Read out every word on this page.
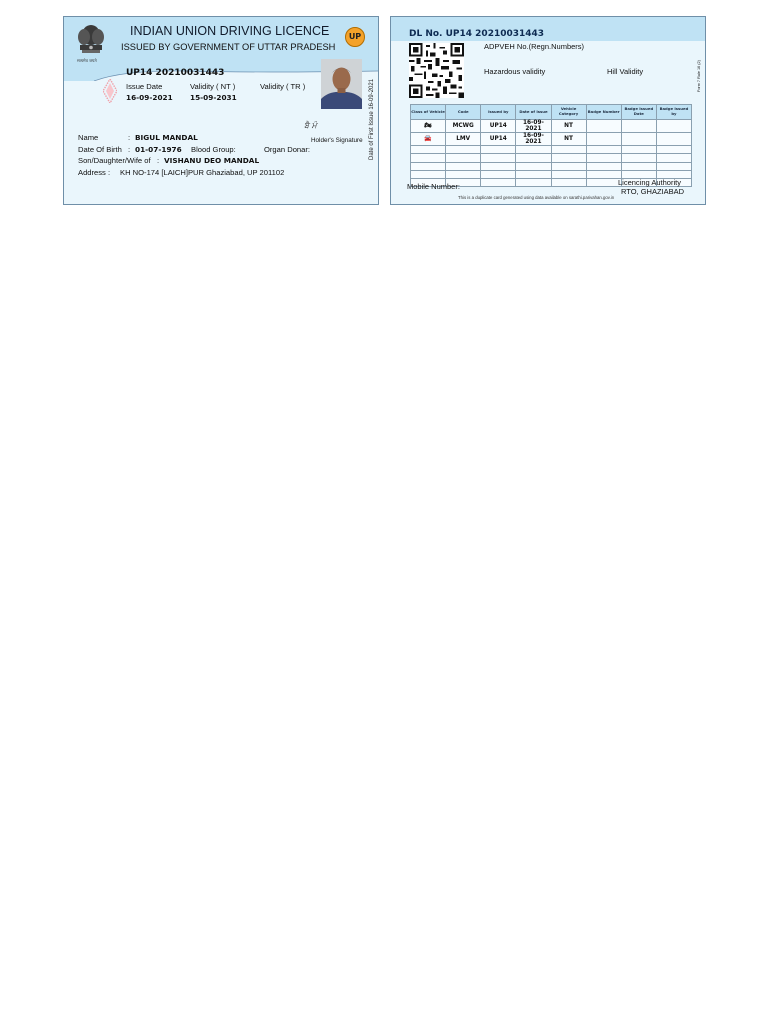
सत्यमेव जयते
INDIAN UNION DRIVING LICENCE
ISSUED BY GOVERNMENT OF UTTAR PRADESH
UP
UP14 20210031443
Issue Date
16-09-2021
Validity ( NT )
15-09-2031
Validity ( TR )	Date of First Issue 16-09-2021
ਬੈ ਮੰ
Holder's Signature
Name	: BIGUL MANDAL
Date Of Birth : 01-07-1976 Blood Group:	Organ Donar:
Son/Daughter/Wife of : VISHANU DEO MANDAL
Address : KH NO-174 [LAICH]PUR Ghaziabad, UP 201102
DL No. UP14 20210031443
ADPVEH No.(Regn.Numbers)
Hazardous validity	Hill Validity	Form 7 Rule 16 (2)
Class of Vehicle	Code	Issued by	Date of Issue	Vehicle Category	Badge Number	Badge Issued Date	Badge Issued by
🏍	MCWG	UP14	16-09-2021	NT			
🚘	LMV	UP14	16-09-2021	NT			

Mobile Number:	Licencing Authority
RTO, GHAZIABAD
This is a duplicate card generated using data available on sarathi.parivahan.gov.in
